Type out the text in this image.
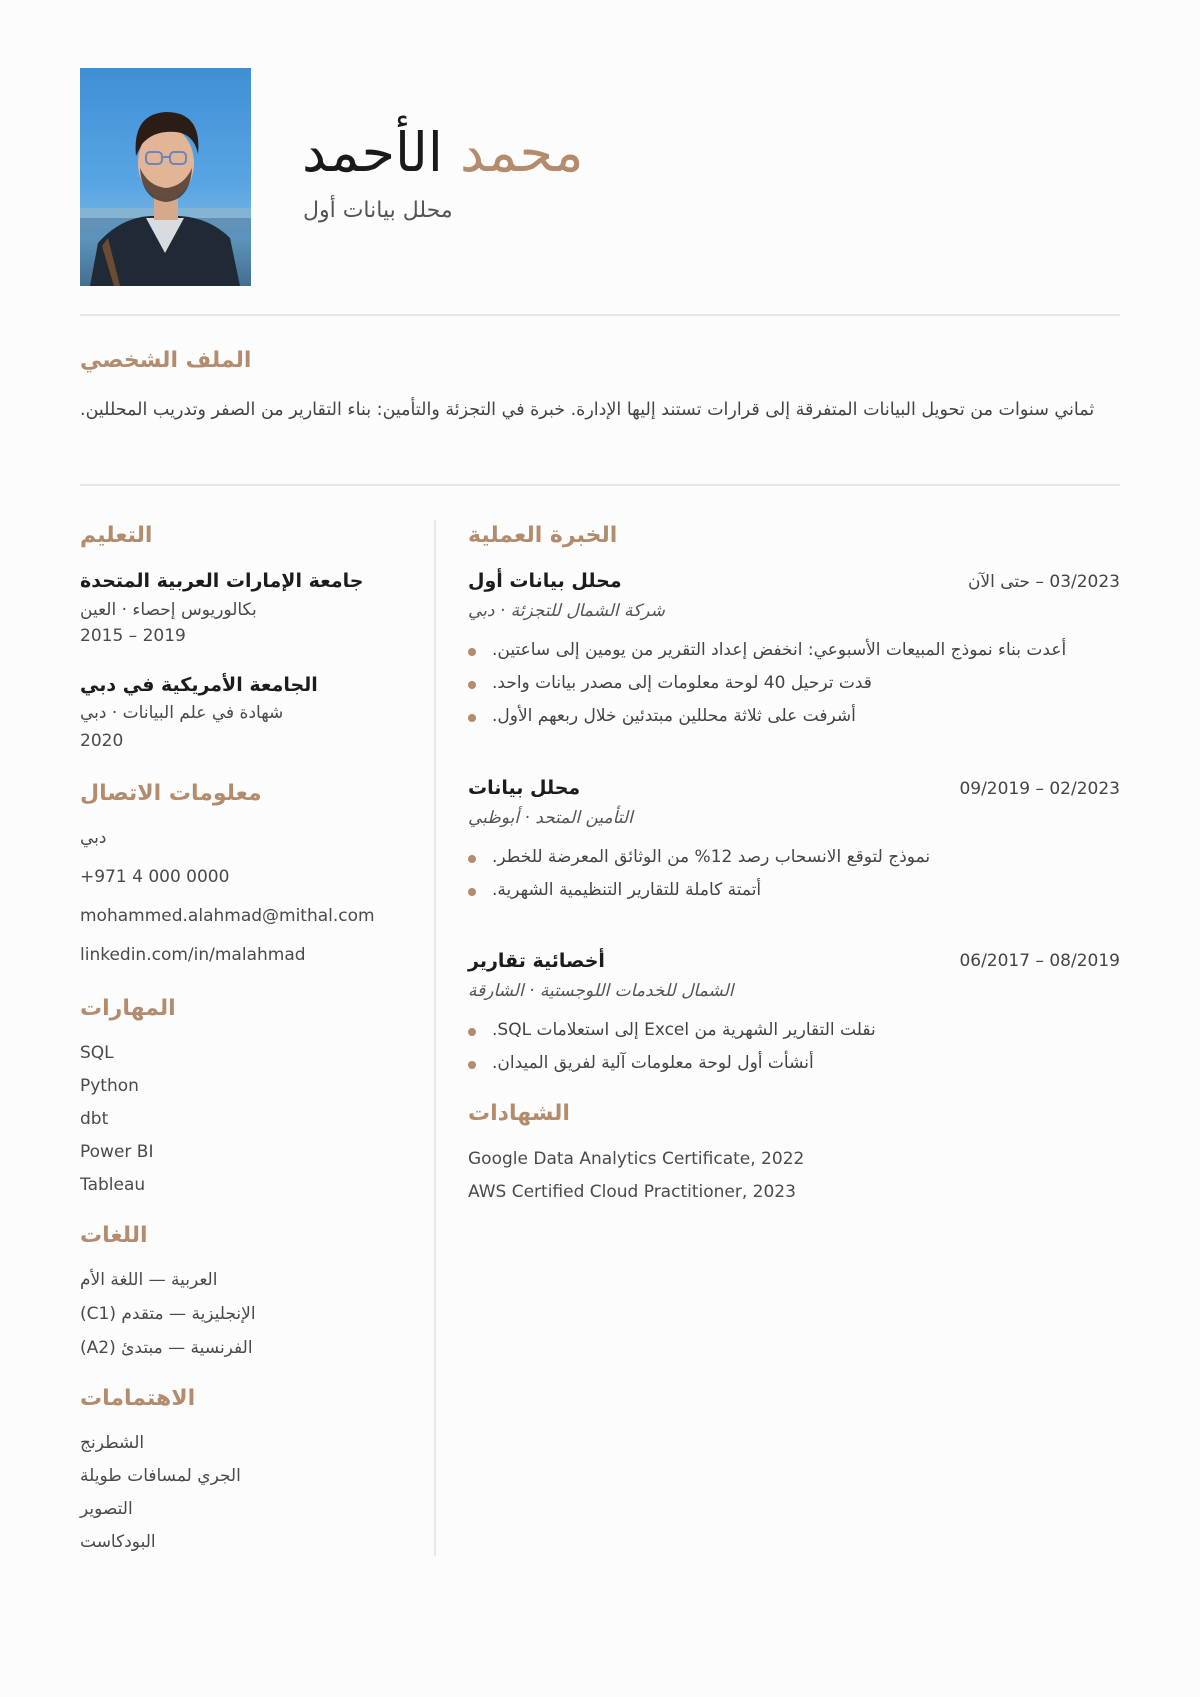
محمد الأحمد
محلل بيانات أول
الملف الشخصي
ثماني سنوات من تحويل البيانات المتفرقة إلى قرارات تستند إليها الإدارة. خبرة في التجزئة والتأمين: بناء التقارير من الصفر وتدريب المحللين.
التعليم
جامعة الإمارات العربية المتحدة
بكالوريوس إحصاء · العين
2015 – 2019
الجامعة الأمريكية في دبي
شهادة في علم البيانات · دبي
2020
معلومات الاتصال
دبي
+971 4 000 0000
mohammed.alahmad@mithal.com
linkedin.com/in/malahmad
المهارات
SQL
Python
dbt
Power BI
Tableau
اللغات
العربية — اللغة الأم
الإنجليزية — متقدم (C1)
الفرنسية — مبتدئ (A2)
الاهتمامات
الشطرنج
الجري لمسافات طويلة
التصوير
البودكاست
الخبرة العملية
محلل بيانات أول	03/2023 – حتى الآن
شركة الشمال للتجزئة · دبي
أعدت بناء نموذج المبيعات الأسبوعي: انخفض إعداد التقرير من يومين إلى ساعتين.
قدت ترحيل 40 لوحة معلومات إلى مصدر بيانات واحد.
أشرفت على ثلاثة محللين مبتدئين خلال ربعهم الأول.
محلل بيانات	09/2019 – 02/2023
التأمين المتحد · أبوظبي
نموذج لتوقع الانسحاب رصد 12% من الوثائق المعرضة للخطر.
أتمتة كاملة للتقارير التنظيمية الشهرية.
أخصائية تقارير	06/2017 – 08/2019
الشمال للخدمات اللوجستية · الشارقة
نقلت التقارير الشهرية من Excel إلى استعلامات SQL.
أنشأت أول لوحة معلومات آلية لفريق الميدان.
الشهادات
Google Data Analytics Certificate, 2022
AWS Certified Cloud Practitioner, 2023
